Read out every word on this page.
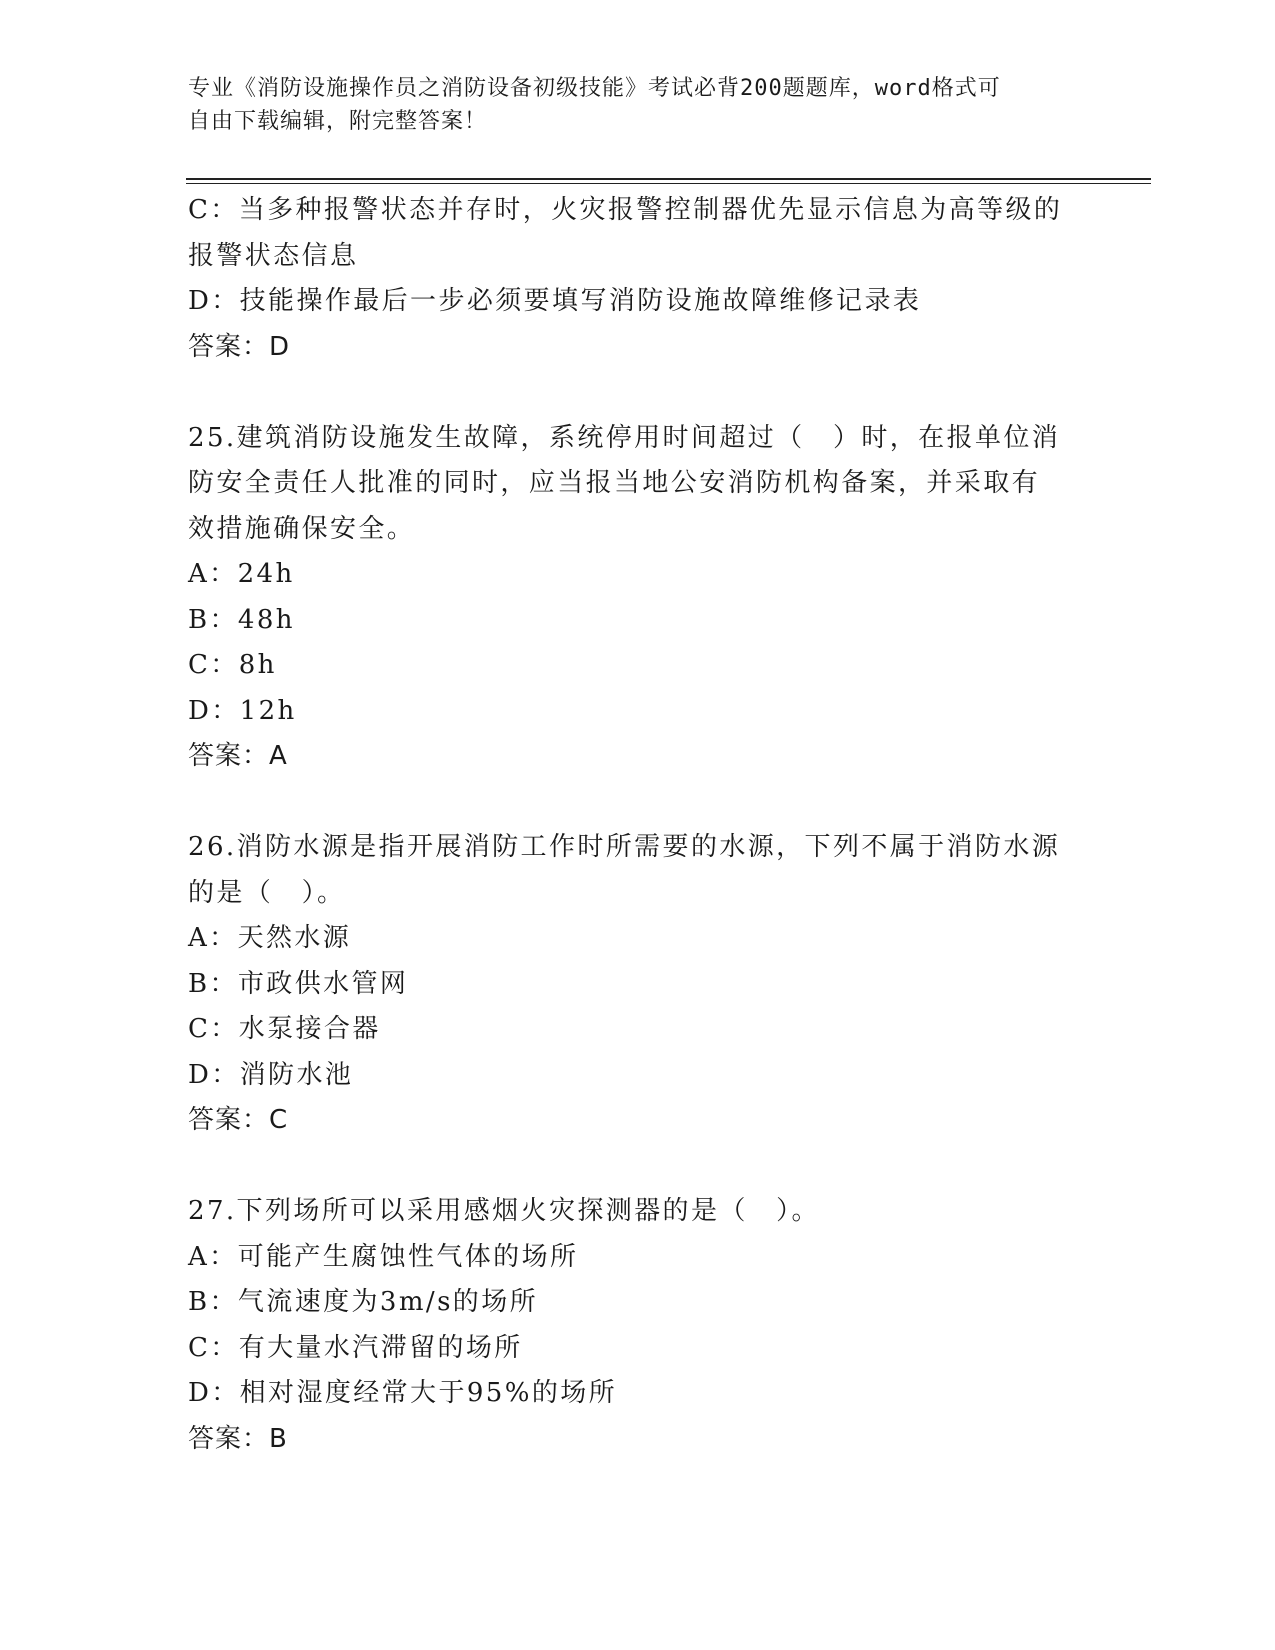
专业《消防设施操作员之消防设备初级技能》考试必背200题题库，word格式可
自由下载编辑，附完整答案！
C：当多种报警状态并存时，火灾报警控制器优先显示信息为高等级的
报警状态信息
D：技能操作最后一步必须要填写消防设施故障维修记录表
答案：D
25.建筑消防设施发生故障，系统停用时间超过（　）时，在报单位消
防安全责任人批准的同时，应当报当地公安消防机构备案，并采取有
效措施确保安全。
A：24h
B：48h
C：8h
D：12h
答案：A
26.消防水源是指开展消防工作时所需要的水源，下列不属于消防水源
的是（　）。
A：天然水源
B：市政供水管网
C：水泵接合器
D：消防水池
答案：C
27.下列场所可以采用感烟火灾探测器的是（　）。
A：可能产生腐蚀性气体的场所
B：气流速度为3m/s的场所
C：有大量水汽滞留的场所
D：相对湿度经常大于95%的场所
答案：B
